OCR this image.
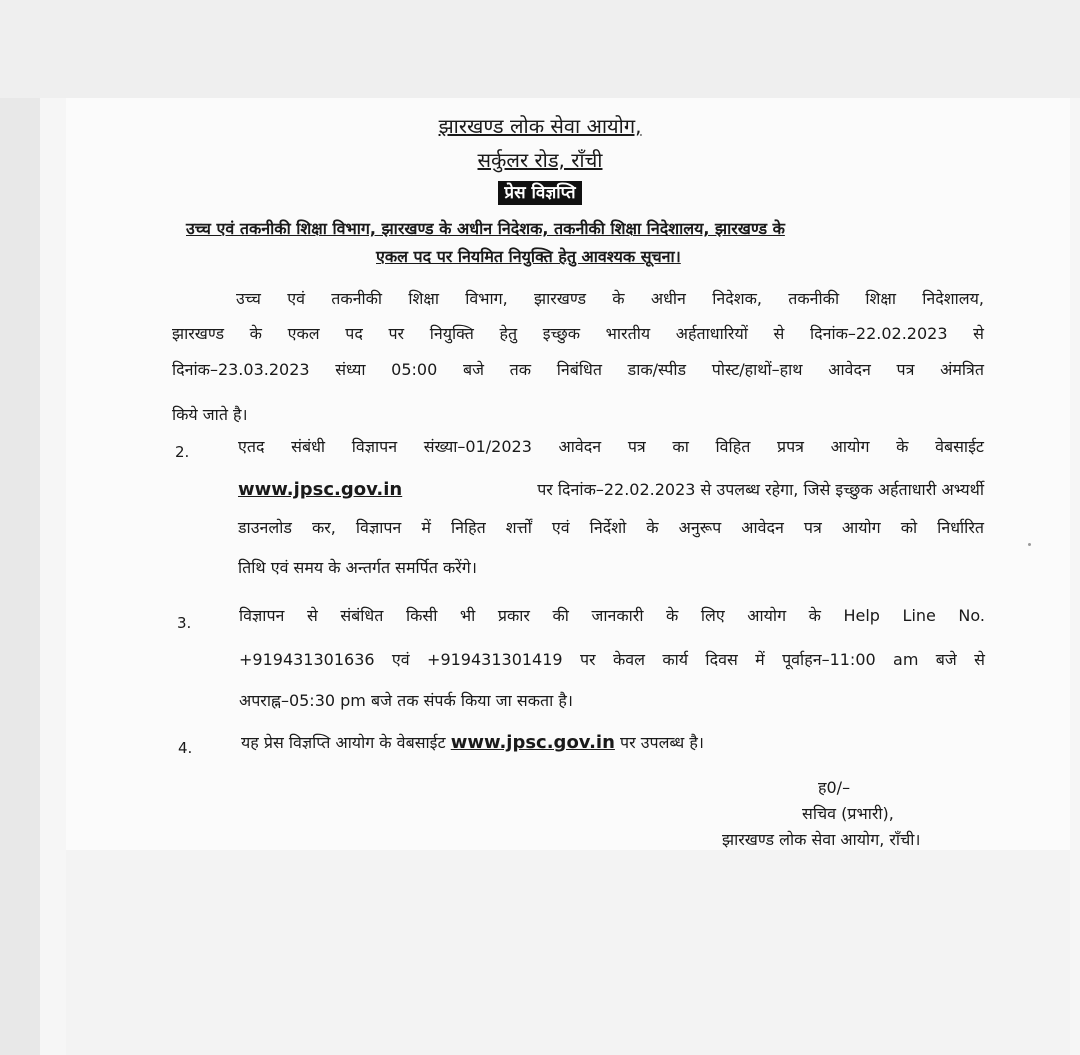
झारखण्ड लोक सेवा आयोग,
सर्कुलर रोड, राँची
प्रेस विज्ञप्ति
उच्च एवं तकनीकी शिक्षा विभाग, झारखण्ड के अधीन निदेशक, तकनीकी शिक्षा निदेशालय, झारखण्ड के
एकल पद पर नियमित नियुक्ति हेतु आवश्यक सूचना।
उच्च एवं तकनीकी शिक्षा विभाग, झारखण्ड के अधीन निदेशक, तकनीकी शिक्षा निदेशालय,
झारखण्ड के एकल पद पर नियुक्ति हेतु इच्छुक भारतीय अर्हताधारियों से दिनांक–22.02.2023 से
दिनांक–23.03.2023 संध्या 05:00 बजे तक निबंधित डाक/स्पीड पोस्ट/हाथों–हाथ आवेदन पत्र अंमत्रित
किये जाते है।
2.	एतद संबंधी विज्ञापन संख्या–01/2023 आवेदन पत्र का विहित प्रपत्र आयोग के वेबसाईट
www.jpsc.gov.in	पर दिनांक–22.02.2023 से उपलब्ध रहेगा, जिसे इच्छुक अर्हताधारी अभ्यर्थी
डाउनलोड कर, विज्ञापन में निहित शर्त्तों एवं निर्देशो के अनुरूप आवेदन पत्र आयोग को निर्धारित
तिथि एवं समय के अन्तर्गत समर्पित करेंगे।
3.	विज्ञापन से संबंधित किसी भी प्रकार की जानकारी के लिए आयोग के Help Line No.
+919431301636 एवं +919431301419 पर केवल कार्य दिवस में पूर्वाहन–11:00 am बजे से
अपराह्न–05:30 pm बजे तक संपर्क किया जा सकता है।
4.	यह प्रेस विज्ञप्ति आयोग के वेबसाईट www.jpsc.gov.in पर उपलब्ध है।
ह0/–
सचिव (प्रभारी),
झारखण्ड लोक सेवा आयोग, राँची।
